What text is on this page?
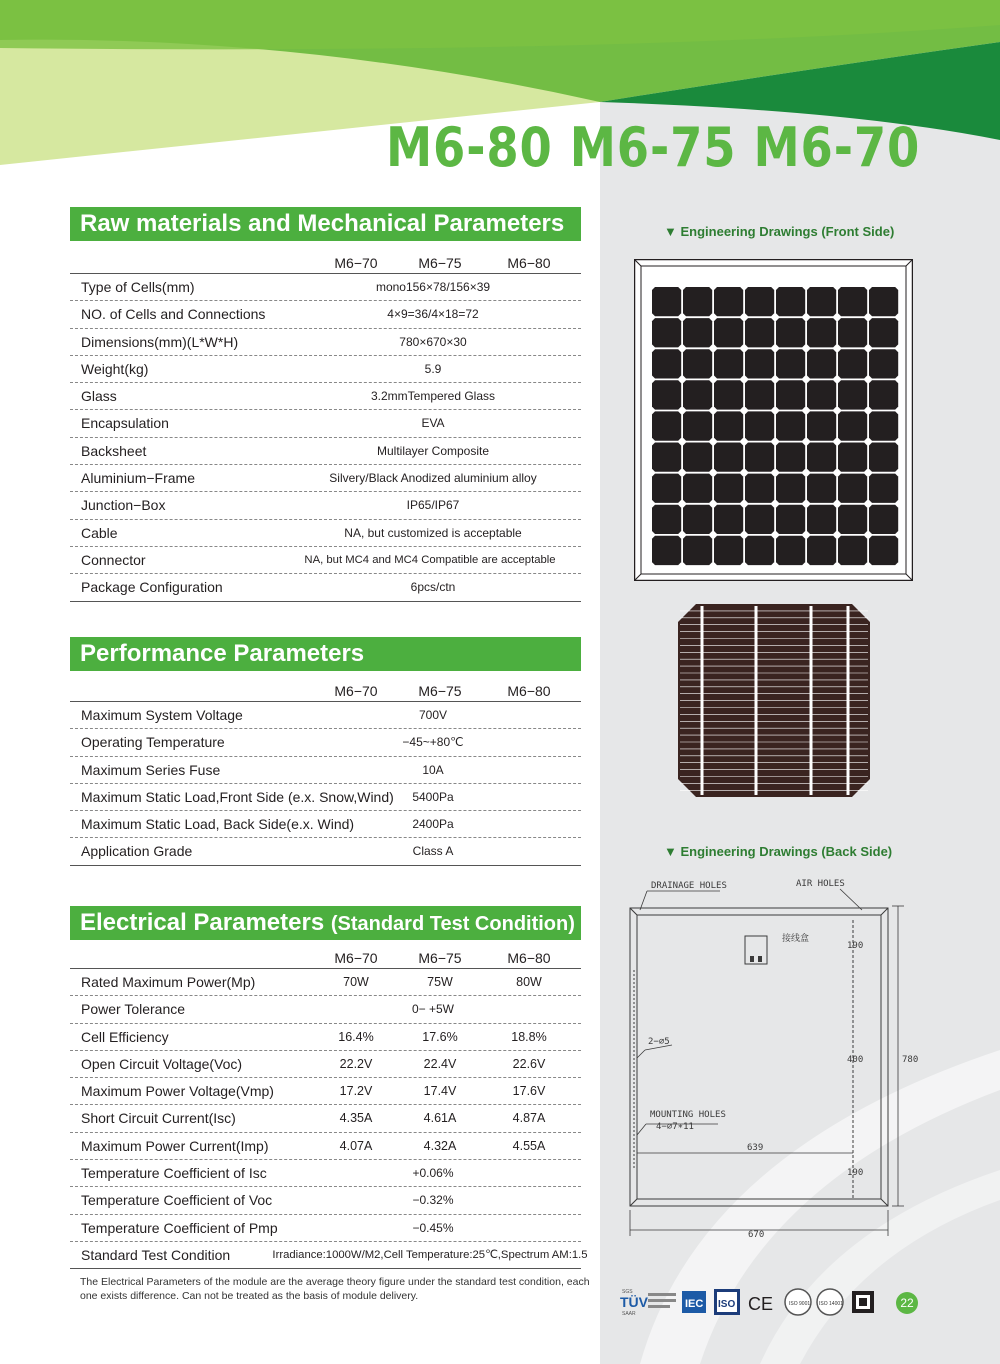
M6-80 M6-75 M6-70
Raw materials and Mechanical Parameters
M6−70	M6−75	M6−80
Type of Cells(mm)	mono156×78/156×39
NO. of Cells and Connections	4×9=36/4×18=72
Dimensions(mm)(L*W*H)	780×670×30
Weight(kg)	5.9
Glass	3.2mmTempered Glass
Encapsulation	EVA
Backsheet	Multilayer Composite
Aluminium−Frame	Silvery/Black Anodized aluminium alloy
Junction−Box	IP65/IP67
Cable	NA, but customized is acceptable
Connector	NA, but MC4 and MC4 Compatible are acceptable
Package Configuration	6pcs/ctn
Performance Parameters
M6−70	M6−75	M6−80
Maximum System Voltage	700V
Operating Temperature	−45~+80℃
Maximum Series Fuse	10A
Maximum Static Load,Front Side (e.x. Snow,Wind) 5400Pa
Maximum Static Load, Back Side(e.x. Wind)	2400Pa
Application Grade	Class A
Electrical Parameters (Standard Test Condition)
M6−70	M6−75	M6−80
Rated Maximum Power(Mp)	70W	75W	80W
Power Tolerance	0− +5W
Cell Efficiency	16.4%	17.6%	18.8%
Open Circuit Voltage(Voc)	22.2V	22.4V	22.6V
Maximum Power Voltage(Vmp)	17.2V	17.4V	17.6V
Short Circuit Current(Isc)	4.35A	4.61A	4.87A
Maximum Power Current(Imp)	4.07A	4.32A	4.55A
Temperature Coefficient of Isc	+0.06%
Temperature Coefficient of Voc	−0.32%
Temperature Coefficient of Pmp	−0.45%
Standard Test Condition	Irradiance:1000W/M2,Cell Temperature:25℃,Spectrum AM:1.5
The Electrical Parameters of the module are the average theory figure under the standard test condition, each one exists difference. Can not be treated as the basis of module delivery.
▼ Engineering Drawings (Front Side)
▼ Engineering Drawings (Back Side)
DRAINAGE HOLES	AIR HOLES
接线盒
190
400	780
2−⌀5
MOUNTING HOLES
4−⌀7∗11
639
190
670
SGS
TÜV
SAAR
IEC ISO CE	ISO 9001 ISO 14001	22
